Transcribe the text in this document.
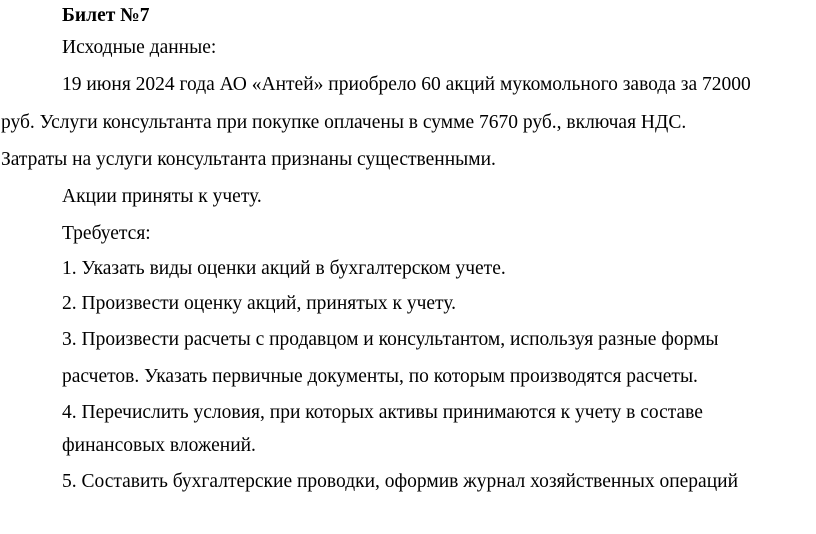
Билет №7
Исходные данные:
19 июня 2024 года АО «Антей» приобрело 60 акций мукомольного завода за 72000
руб. Услуги консультанта при покупке оплачены в сумме 7670 руб., включая НДС.
Затраты на услуги консультанта признаны существенными.
Акции приняты к учету.
Требуется:
1. Указать виды оценки акций в бухгалтерском учете.
2. Произвести оценку акций, принятых к учету.
3. Произвести расчеты с продавцом и консультантом, используя разные формы
расчетов. Указать первичные документы, по которым производятся расчеты.
4. Перечислить условия, при которых активы принимаются к учету в составе
финансовых вложений.
5. Составить бухгалтерские проводки, оформив журнал хозяйственных операций
